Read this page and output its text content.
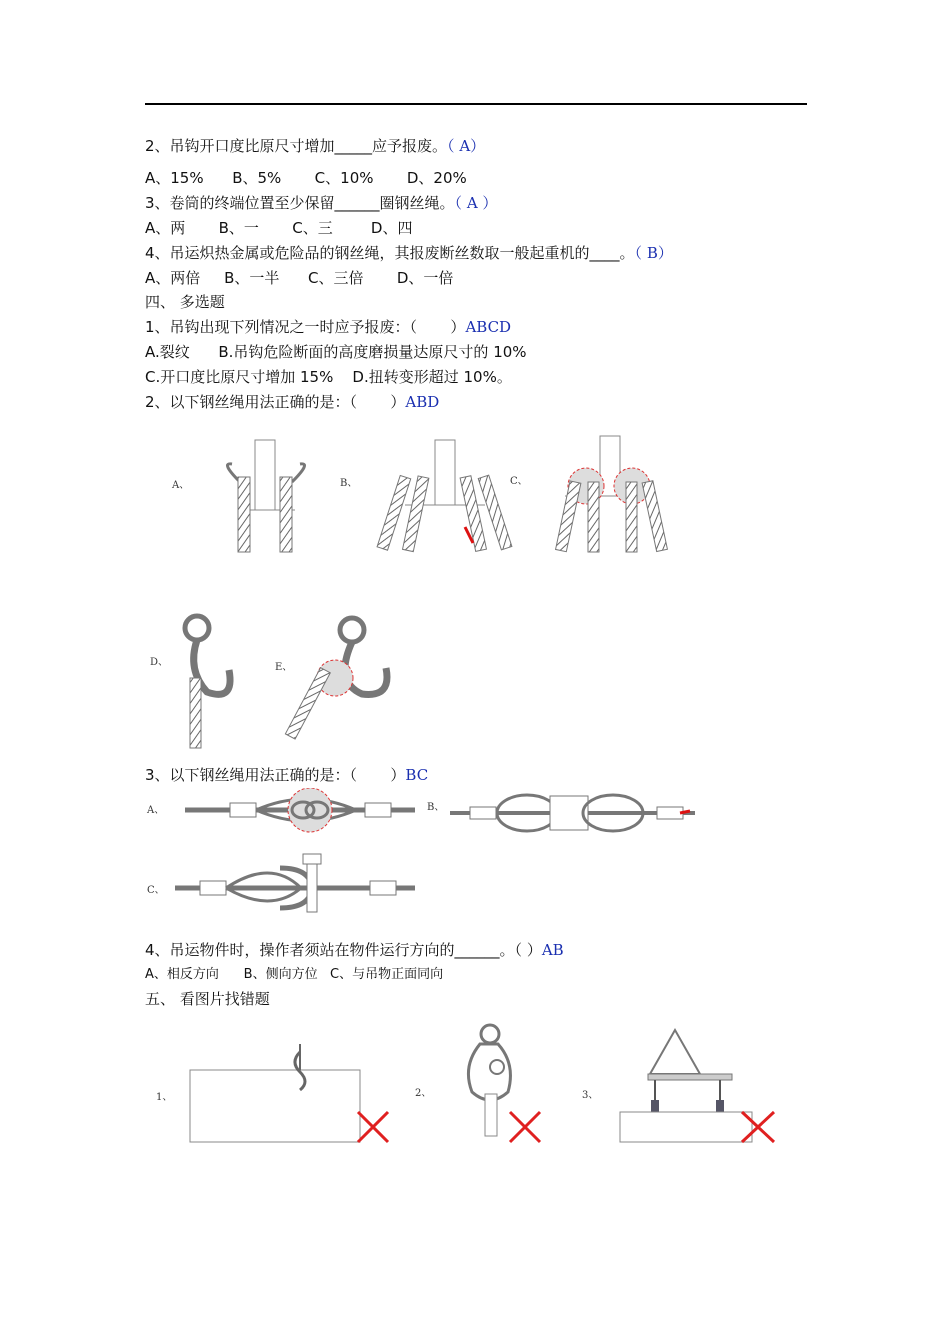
2、吊钩开口度比原尺寸增加_____应予报废。（ A）
A、15%      B、5%       C、10%       D、20%
3、卷筒的终端位置至少保留______圈钢丝绳。（ A ）
A、两       B、一       C、三        D、四
4、吊运炽热金属或危险品的钢丝绳，其报废断丝数取一般起重机的____。（ B）
A、两倍     B、一半      C、三倍       D、一倍
四、 多选题
1、吊钩出现下列情况之一时应予报废：（       ）ABCD
A.裂纹      B.吊钩危险断面的高度磨损量达原尺寸的 10%
C.开口度比原尺寸增加 15%    D.扭转变形超过 10%。
2、以下钢丝绳用法正确的是：（       ）ABD
3、以下钢丝绳用法正确的是：（       ）BC
4、吊运物件时，操作者须站在物件运行方向的______。（ ）AB
A、相反方向      B、侧向方位   C、与吊物正面同向
五、 看图片找错题
A、	B、	C、
D、	E、
A、	B、
C、
1、	2、	3、
